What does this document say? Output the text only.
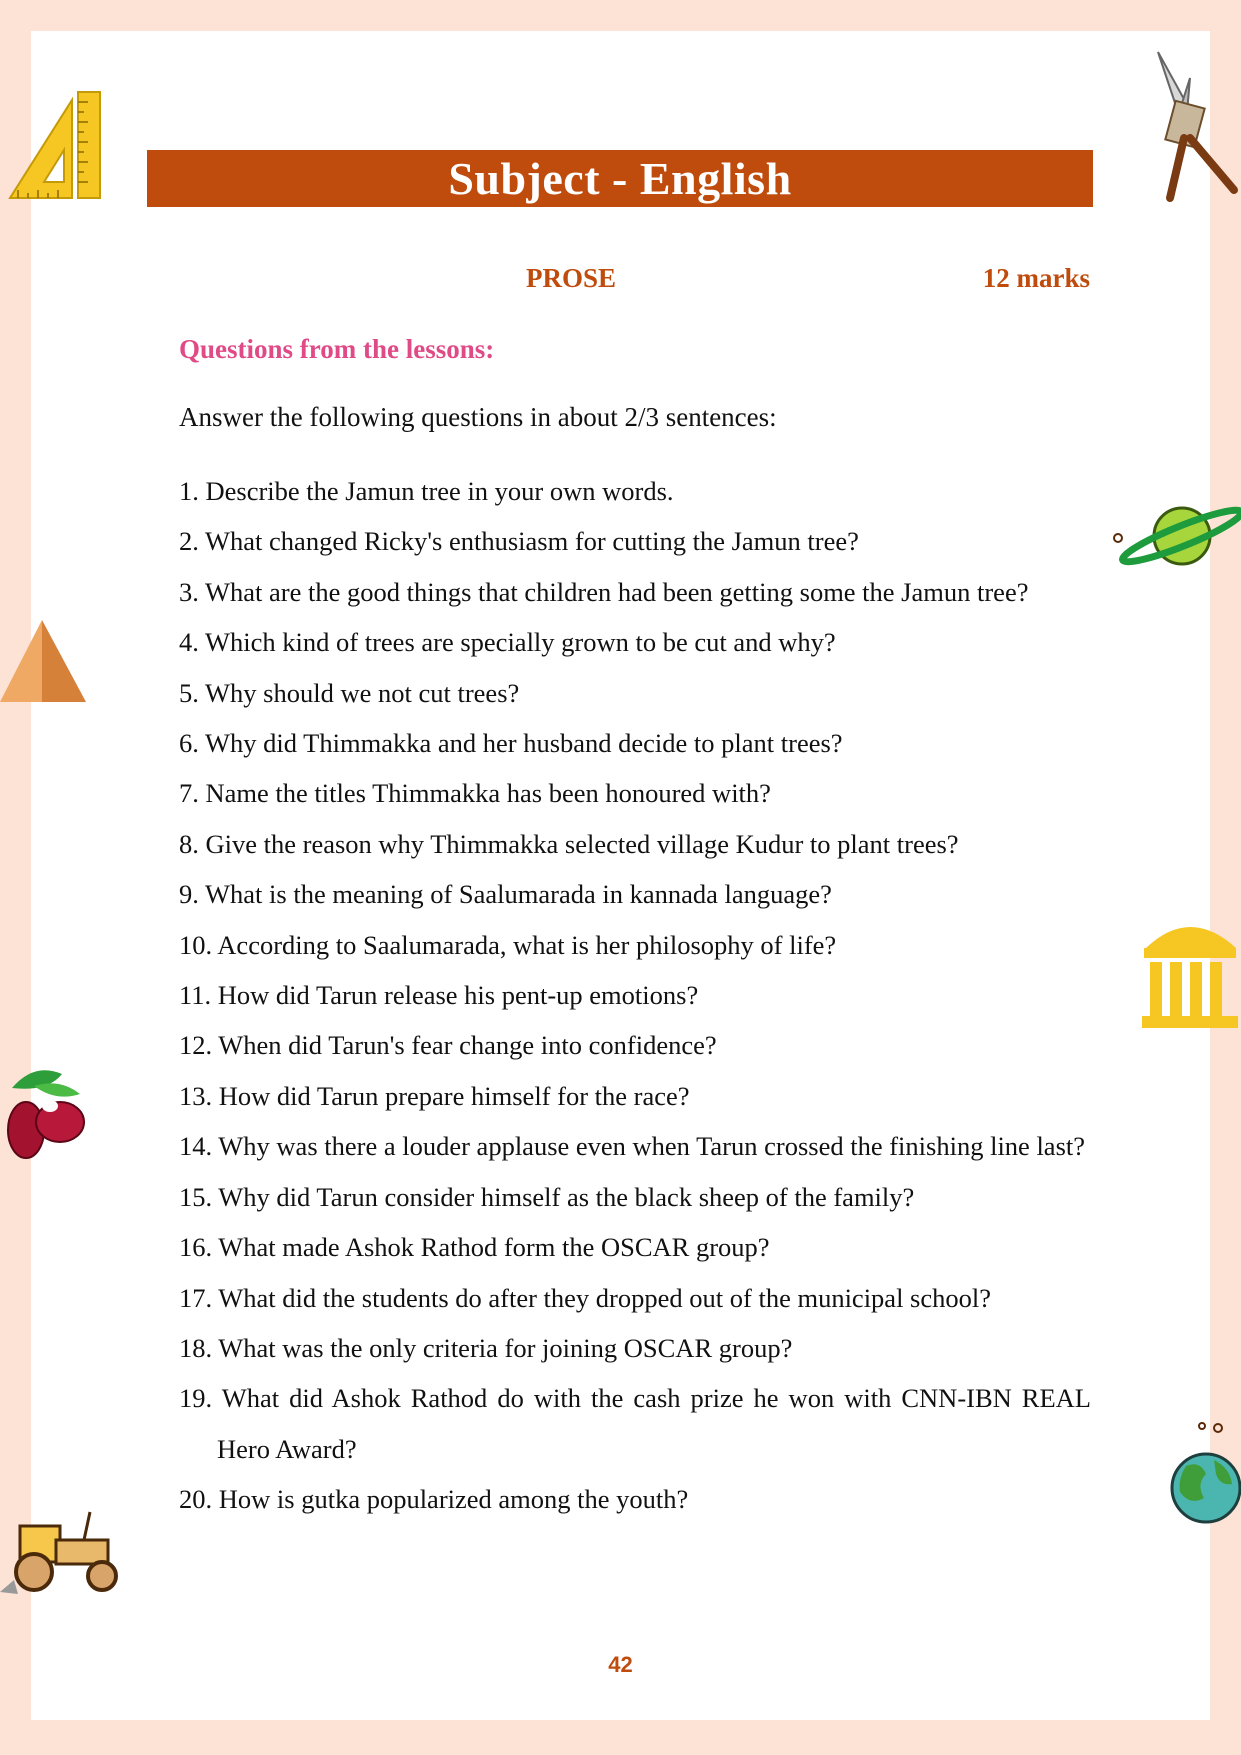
Subject - English
PROSE	12 marks
Questions from the lessons:
Answer the following questions in about 2/3 sentences:
1. Describe the Jamun tree in your own words.
2. What changed Ricky's enthusiasm for cutting the Jamun tree?
3. What are the good things that children had been getting some the Jamun tree?
4. Which kind of trees are specially grown to be cut and why?
5. Why should we not cut trees?
6. Why did Thimmakka and her husband decide to plant trees?
7. Name the titles Thimmakka has been honoured with?
8. Give the reason why Thimmakka selected village Kudur to plant trees?
9. What is the meaning of Saalumarada in kannada language?
10. According to Saalumarada, what is her philosophy of life?
11. How did Tarun release his pent-up emotions?
12. When did Tarun's fear change into confidence?
13. How did Tarun prepare himself for the race?
14. Why was there a louder applause even when Tarun crossed the finishing line last?
15. Why did Tarun consider himself as the black sheep of the family?
16. What made Ashok Rathod form the OSCAR group?
17. What did the students do after they dropped out of the municipal school?
18. What was the only criteria for joining OSCAR group?
19. What did Ashok Rathod do with the cash prize he won with CNN-IBN REAL Hero Award?
20. How is gutka popularized among the youth?
42
